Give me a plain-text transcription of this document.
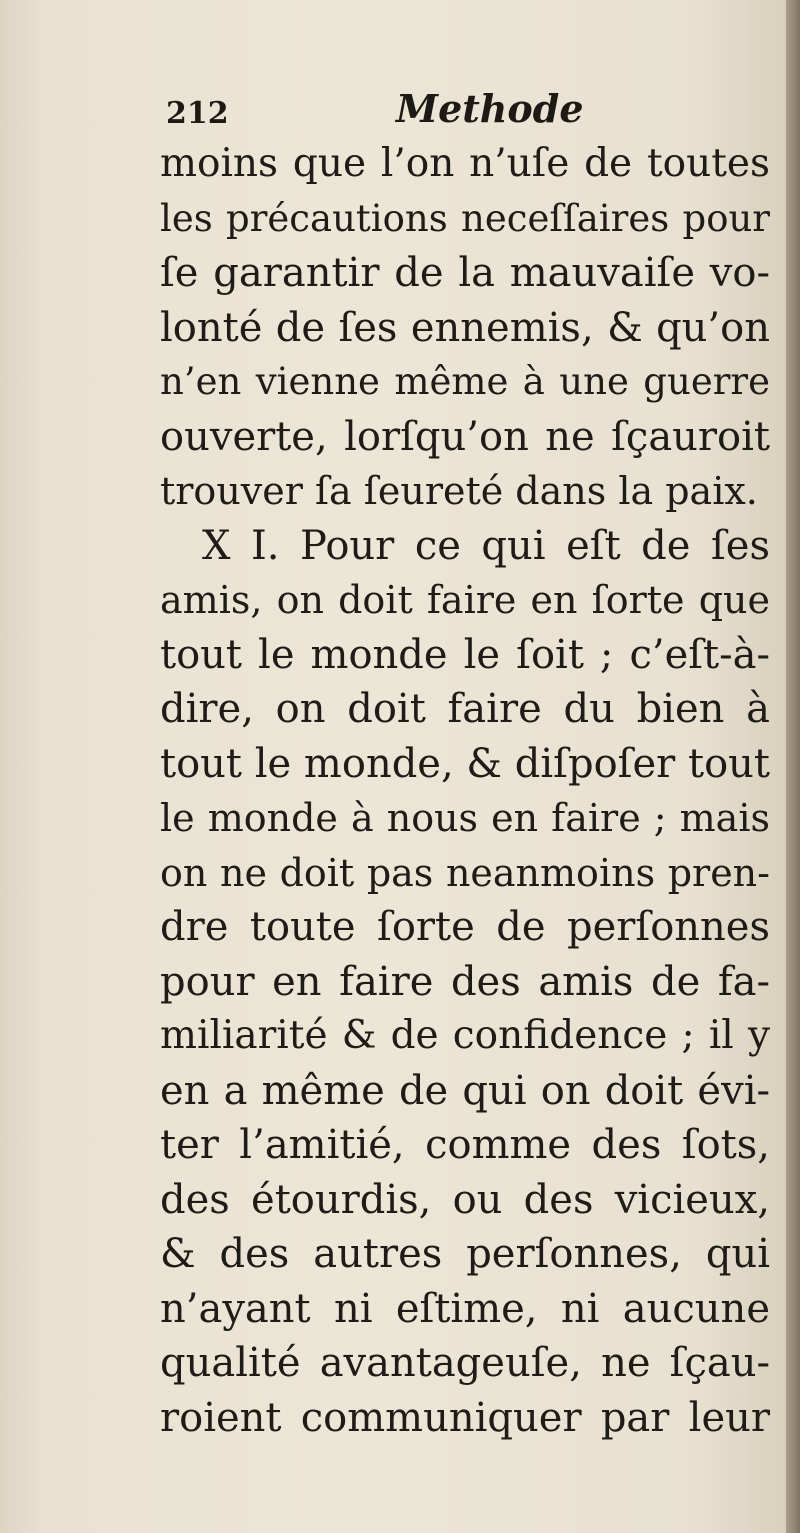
212	Methode
moins que l’on n’uſe de toutes
les précautions neceſſaires pour
ſe garantir de la mauvaiſe vo-
lonté de ſes ennemis, & qu’on
n’en vienne même à une guerre
ouverte, lorſqu’on ne ſçauroit
trouver ſa ſeureté dans la paix.
X I. Pour ce qui eſt de ſes
amis, on doit faire en ſorte que
tout le monde le ſoit ; c’eſt-à-
dire, on doit faire du bien à
tout le monde, & diſpoſer tout
le monde à nous en faire ; mais
on ne doit pas neanmoins pren-
dre toute ſorte de perſonnes
pour en faire des amis de fa-
miliarité & de confidence ; il y
en a même de qui on doit évi-
ter l’amitié, comme des ſots,
des étourdis, ou des vicieux,
& des autres perſonnes, qui
n’ayant ni eſtime, ni aucune
qualité avantageuſe, ne ſçau-
roient communiquer par leur
